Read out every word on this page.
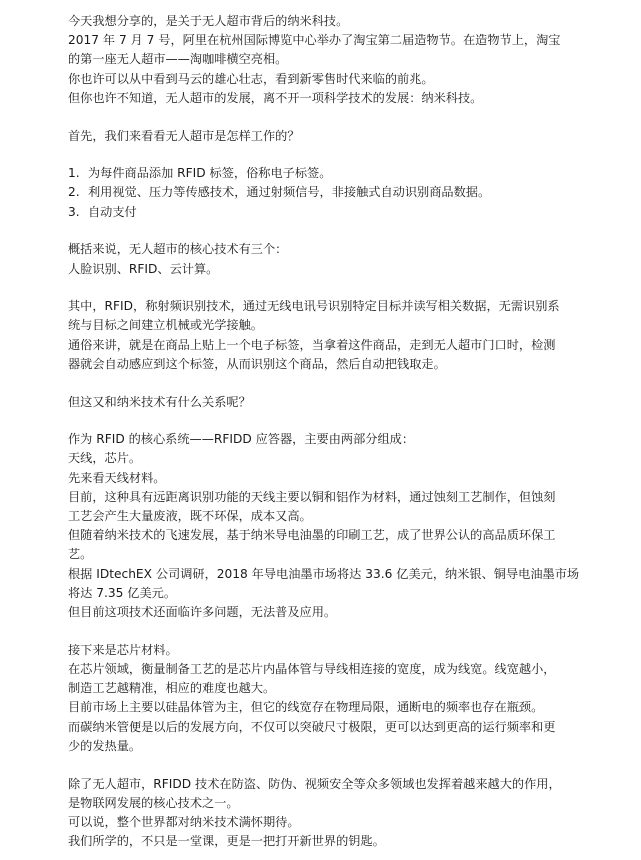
今天我想分享的，是关于无人超市背后的纳米科技。
2017 年 7 月 7 号，阿里在杭州国际博览中心举办了淘宝第二届造物节。在造物节上，淘宝
的第一座无人超市——淘咖啡横空亮相。
你也许可以从中看到马云的雄心壮志，看到新零售时代来临的前兆。
但你也许不知道，无人超市的发展，离不开一项科学技术的发展：纳米科技。
首先，我们来看看无人超市是怎样工作的？
1. 为每件商品添加 RFID 标签，俗称电子标签。
2. 利用视觉、压力等传感技术，通过射频信号，非接触式自动识别商品数据。
3. 自动支付
概括来说，无人超市的核心技术有三个：
人脸识别、RFID、云计算。
其中，RFID，称射频识别技术，通过无线电讯号识别特定目标并读写相关数据，无需识别系
统与目标之间建立机械或光学接触。
通俗来讲，就是在商品上贴上一个电子标签，当拿着这件商品，走到无人超市门口时，检测
器就会自动感应到这个标签，从而识别这个商品，然后自动把钱取走。
但这又和纳米技术有什么关系呢？
作为 RFID 的核心系统——RFIDD 应答器，主要由两部分组成：
天线，芯片。
先来看天线材料。
目前，这种具有远距离识别功能的天线主要以铜和铝作为材料，通过蚀刻工艺制作，但蚀刻
工艺会产生大量废液，既不环保，成本又高。
但随着纳米技术的飞速发展，基于纳米导电油墨的印刷工艺，成了世界公认的高品质环保工
艺。
根据 IDtechEX 公司调研，2018 年导电油墨市场将达 33.6 亿美元，纳米银、铜导电油墨市场
将达 7.35 亿美元。
但目前这项技术还面临许多问题，无法普及应用。
接下来是芯片材料。
在芯片领域，衡量制备工艺的是芯片内晶体管与导线相连接的宽度，成为线宽。线宽越小，
制造工艺越精准，相应的难度也越大。
目前市场上主要以硅晶体管为主，但它的线宽存在物理局限，通断电的频率也存在瓶颈。
而碳纳米管便是以后的发展方向，不仅可以突破尺寸极限，更可以达到更高的运行频率和更
少的发热量。
除了无人超市，RFIDD 技术在防盗、防伪、视频安全等众多领域也发挥着越来越大的作用，
是物联网发展的核心技术之一。
可以说，整个世界都对纳米技术满怀期待。
我们所学的，不只是一堂课，更是一把打开新世界的钥匙。
